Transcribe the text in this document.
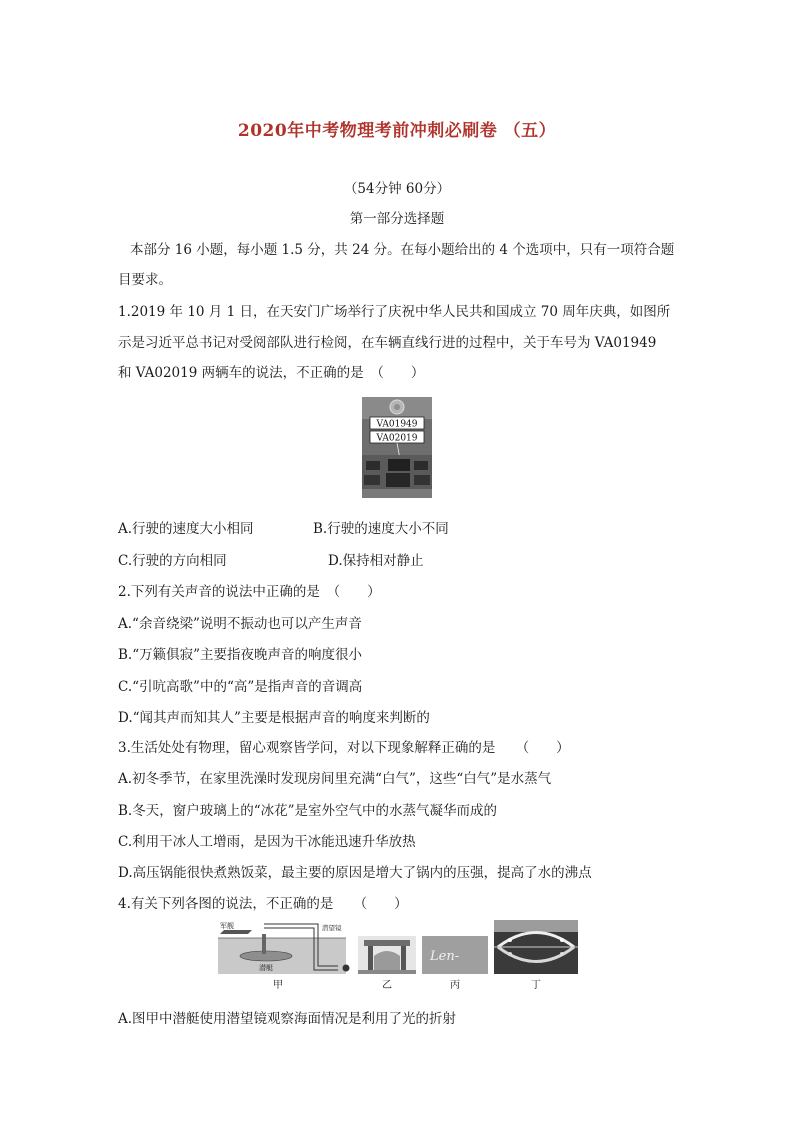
2020年中考物理考前冲刺必刷卷 （五）
（54分钟 60分）
第一部分选择题
本部分 16 小题，每小题 1.5 分，共 24 分。在每小题给出的 4 个选项中，只有一项符合题
目要求。
1.2019 年 10 月 1 日，在天安门广场举行了庆祝中华人民共和国成立 70 周年庆典，如图所
示是习近平总书记对受阅部队进行检阅，在车辆直线行进的过程中，关于车号为 VA01949
和 VA02019 两辆车的说法，不正确的是　（　　）
VA01949
VA02019
A.行驶的速度大小相同	B.行驶的速度大小不同
C.行驶的方向相同	D.保持相对静止
2.下列有关声音的说法中正确的是　（　　）
A.“余音绕梁”说明不振动也可以产生声音
B.“万籁俱寂”主要指夜晚声音的响度很小
C.“引吭高歌”中的“高”是指声音的音调高
D.“闻其声而知其人”主要是根据声音的响度来判断的
3.生活处处有物理，留心观察皆学问，对以下现象解释正确的是　　（　　）
A.初冬季节，在家里洗澡时发现房间里充满“白气”，这些“白气”是水蒸气
B.冬天，窗户玻璃上的“冰花”是室外空气中的水蒸气凝华而成的
C.利用干冰人工增雨，是因为干冰能迅速升华放热
D.高压锅能很快煮熟饭菜，最主要的原因是增大了锅内的压强，提高了水的沸点
4.有关下列各图的说法，不正确的是　　（　　）
军舰
潜艇
潜望镜
甲	乙
Len-
丙	丁
A.图甲中潜艇使用潜望镜观察海面情况是利用了光的折射
